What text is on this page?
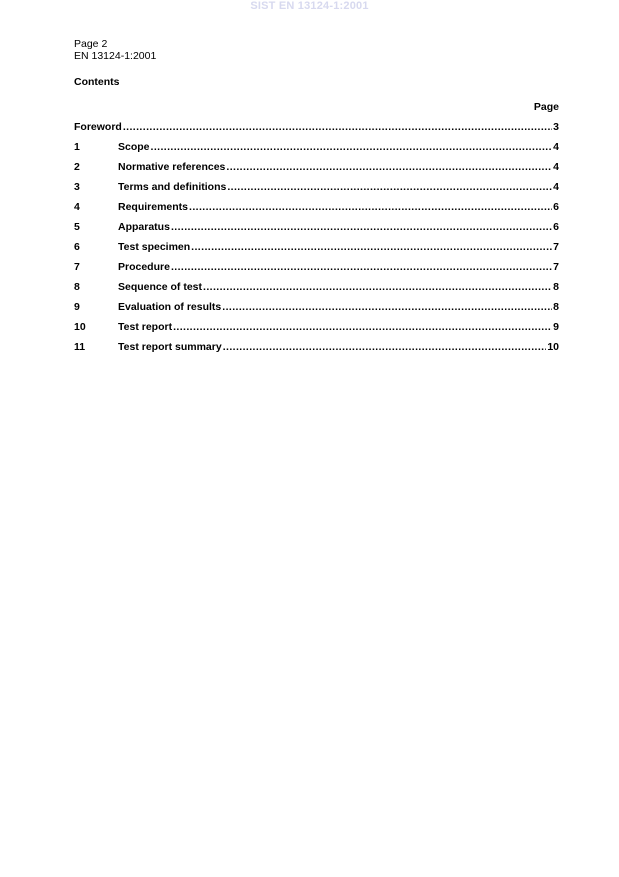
SIST EN 13124-1:2001
Page 2
EN 13124-1:2001
Contents
Page
Foreword .....	3
1	Scope .....	4
2	Normative references .....	4
3	Terms and definitions .....	4
4	Requirements .....	6
5	Apparatus .....	6
6	Test specimen .....	7
7	Procedure .....	7
8	Sequence of test .....	8
9	Evaluation of results .....	8
10	Test report .....	9
11	Test report summary .....	10
